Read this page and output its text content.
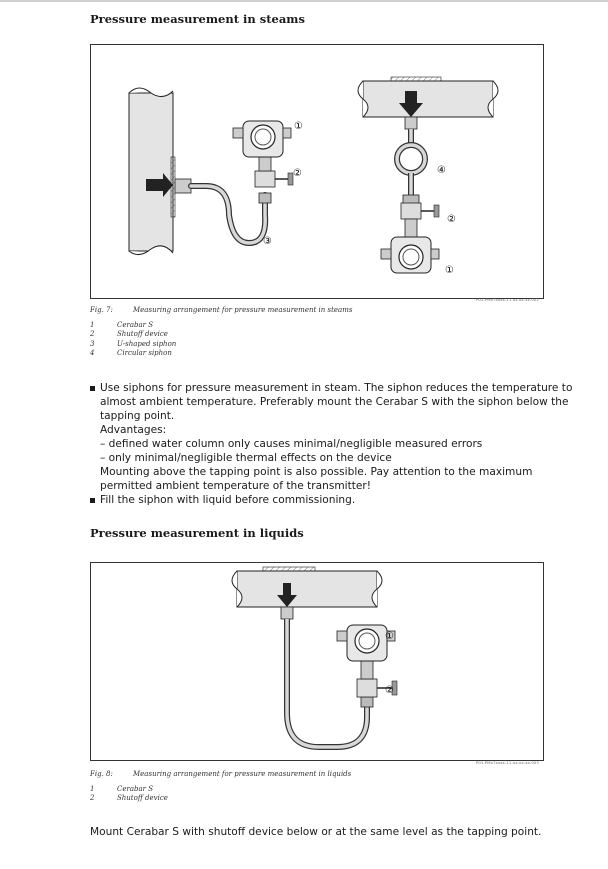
Pressure measurement in steams
①
②
③
④
②
①
P01-PMx7xxxx-11-xx-xx-xx-002
Fig. 7:	Measuring arrangement for pressure measurement in steams
1	Cerabar S
2	Shutoff device
3	U-shaped siphon
4	Circular siphon
Use siphons for pressure measurement in steam. The siphon reduces the temperature to
almost ambient temperature. Preferably mount the Cerabar S with the siphon below the
tapping point.
Advantages:
– defined water column only causes minimal/negligible measured errors
– only minimal/negligible thermal effects on the device
Mounting above the tapping point is also possible. Pay attention to the maximum
permitted ambient temperature of the transmitter!
Fill the siphon with liquid before commissioning.
Pressure measurement in liquids
①
②
P01-PMx7xxxx-11-xx-xx-xx-003
Fig. 8:	Measuring arrangement for pressure measurement in liquids
1	Cerabar S
2	Shutoff device

Mount Cerabar S with shutoff device below or at the same level as the tapping point.
